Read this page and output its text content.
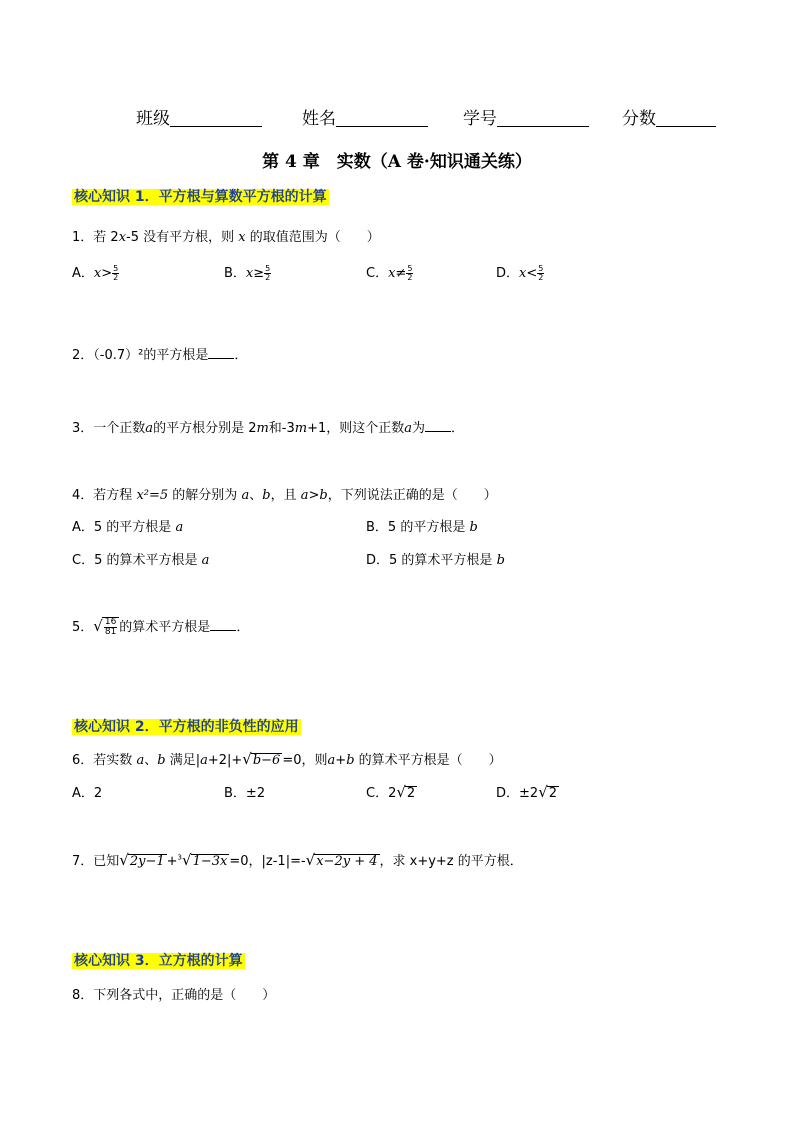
班级	姓名	学号	分数
第 4 章　实数（A 卷·知识通关练）
核心知识 1．平方根与算数平方根的计算
1．若 2x-5 没有平方根，则 x 的取值范围为（　　）
A．$x> \frac{5}{2}$	B．$x\ge \frac{5}{2}$	C．$x\ne \frac{5}{2}$	D．$x< \frac{5}{2}$
2．（-0.7）²的平方根是 ．
3．一个正数a的平方根分别是 2m和-3m+1，则这个正数a为 ．
4．若方程 x²=5 的解分别为 a、b，且 a>b，下列说法正确的是（　　）
A．5 的平方根是 a	B．5 的平方根是 b
C．5 的算术平方根是 a	D．5 的算术平方根是 b
5．√ $\frac{16}{81}$ 的算术平方根是 ．
核心知识 2．平方根的非负性的应用
6．若实数 a、b 满足|a+2|+√b−6 =0，则a+b 的算术平方根是（　　）
A．2	B．±2	C．2√2	D．±2√2
7．已知√2y−1 +$^3$√1−3x =0，|z-1|=-√x−2y + 4 ，求 x+y+z 的平方根．
核心知识 3．立方根的计算
8．下列各式中，正确的是（　　）
